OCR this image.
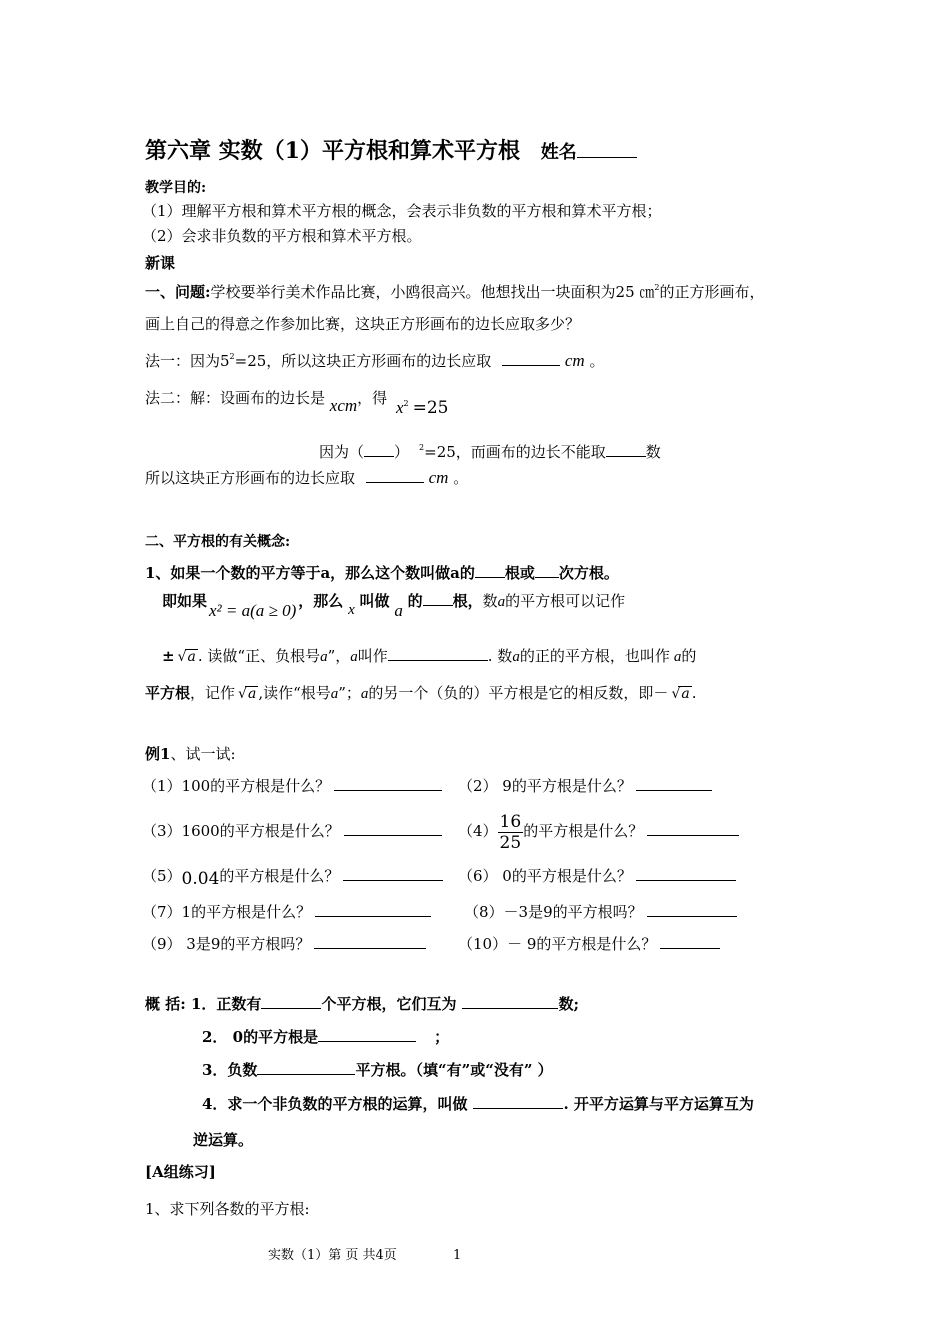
第六章 实数（1）平方根和算术平方根 姓名
教学目的:
（1）理解平方根和算术平方根的概念，会表示非负数的平方根和算术平方根；
（2）会求非负数的平方根和算术平方根。
新课
一、问题:学校要举行美术作品比赛，小鸥很高兴。他想找出一块面积为25 ㎝$^2$的正方形画布，
画上自己的得意之作参加比赛，这块正方形画布的边长应取多少？
法一：因为$5^2=25$，所以这块正方形画布的边长应取	cm 。
法二：解：设画布的边长是 xcm，得 $x^2 =25$
因为（ ） $^2$=25，而画布的边长不能取	数
所以这块正方形画布的边长应取	cm 。
二、平方根的有关概念:
1、如果一个数的平方等于a，那么这个数叫做a的 根或 次方根。
即如果 x² = a(a ≥ 0) ，那么 x 叫做 a 的 根，数a的平方根可以记作
± √ a . 读做“正、负根号a”，a叫作	. 数a的正的平方根，也叫作 a的
平方根，记作 √ a ,读作“根号a”；a的另一个（负的）平方根是它的相反数，即－ √ a .
例1、试一试:
（1）100的平方根是什么？	（2） 9的平方根是什么？
（3）1600的平方根是什么？	$(4) \frac{16}{25}$ 的平方根是什么？
（5）0.04的平方根是什么？	（6） 0的平方根是什么？
（7）1的平方根是什么？	（8）－3是9的平方根吗？
（9） 3是9的平方根吗？	（10）－ 9的平方根是什么？
概 括: 1．正数有	个平方根，它们互为	数;
2． 0的平方根是	；
3．负数	平方根。（填“有”或“没有” ）
4．求一个非负数的平方根的运算，叫做	. 开平方运算与平方运算互为
逆运算。
[A组练习]
1、求下列各数的平方根:
实数（1）第 页 共4页	1
